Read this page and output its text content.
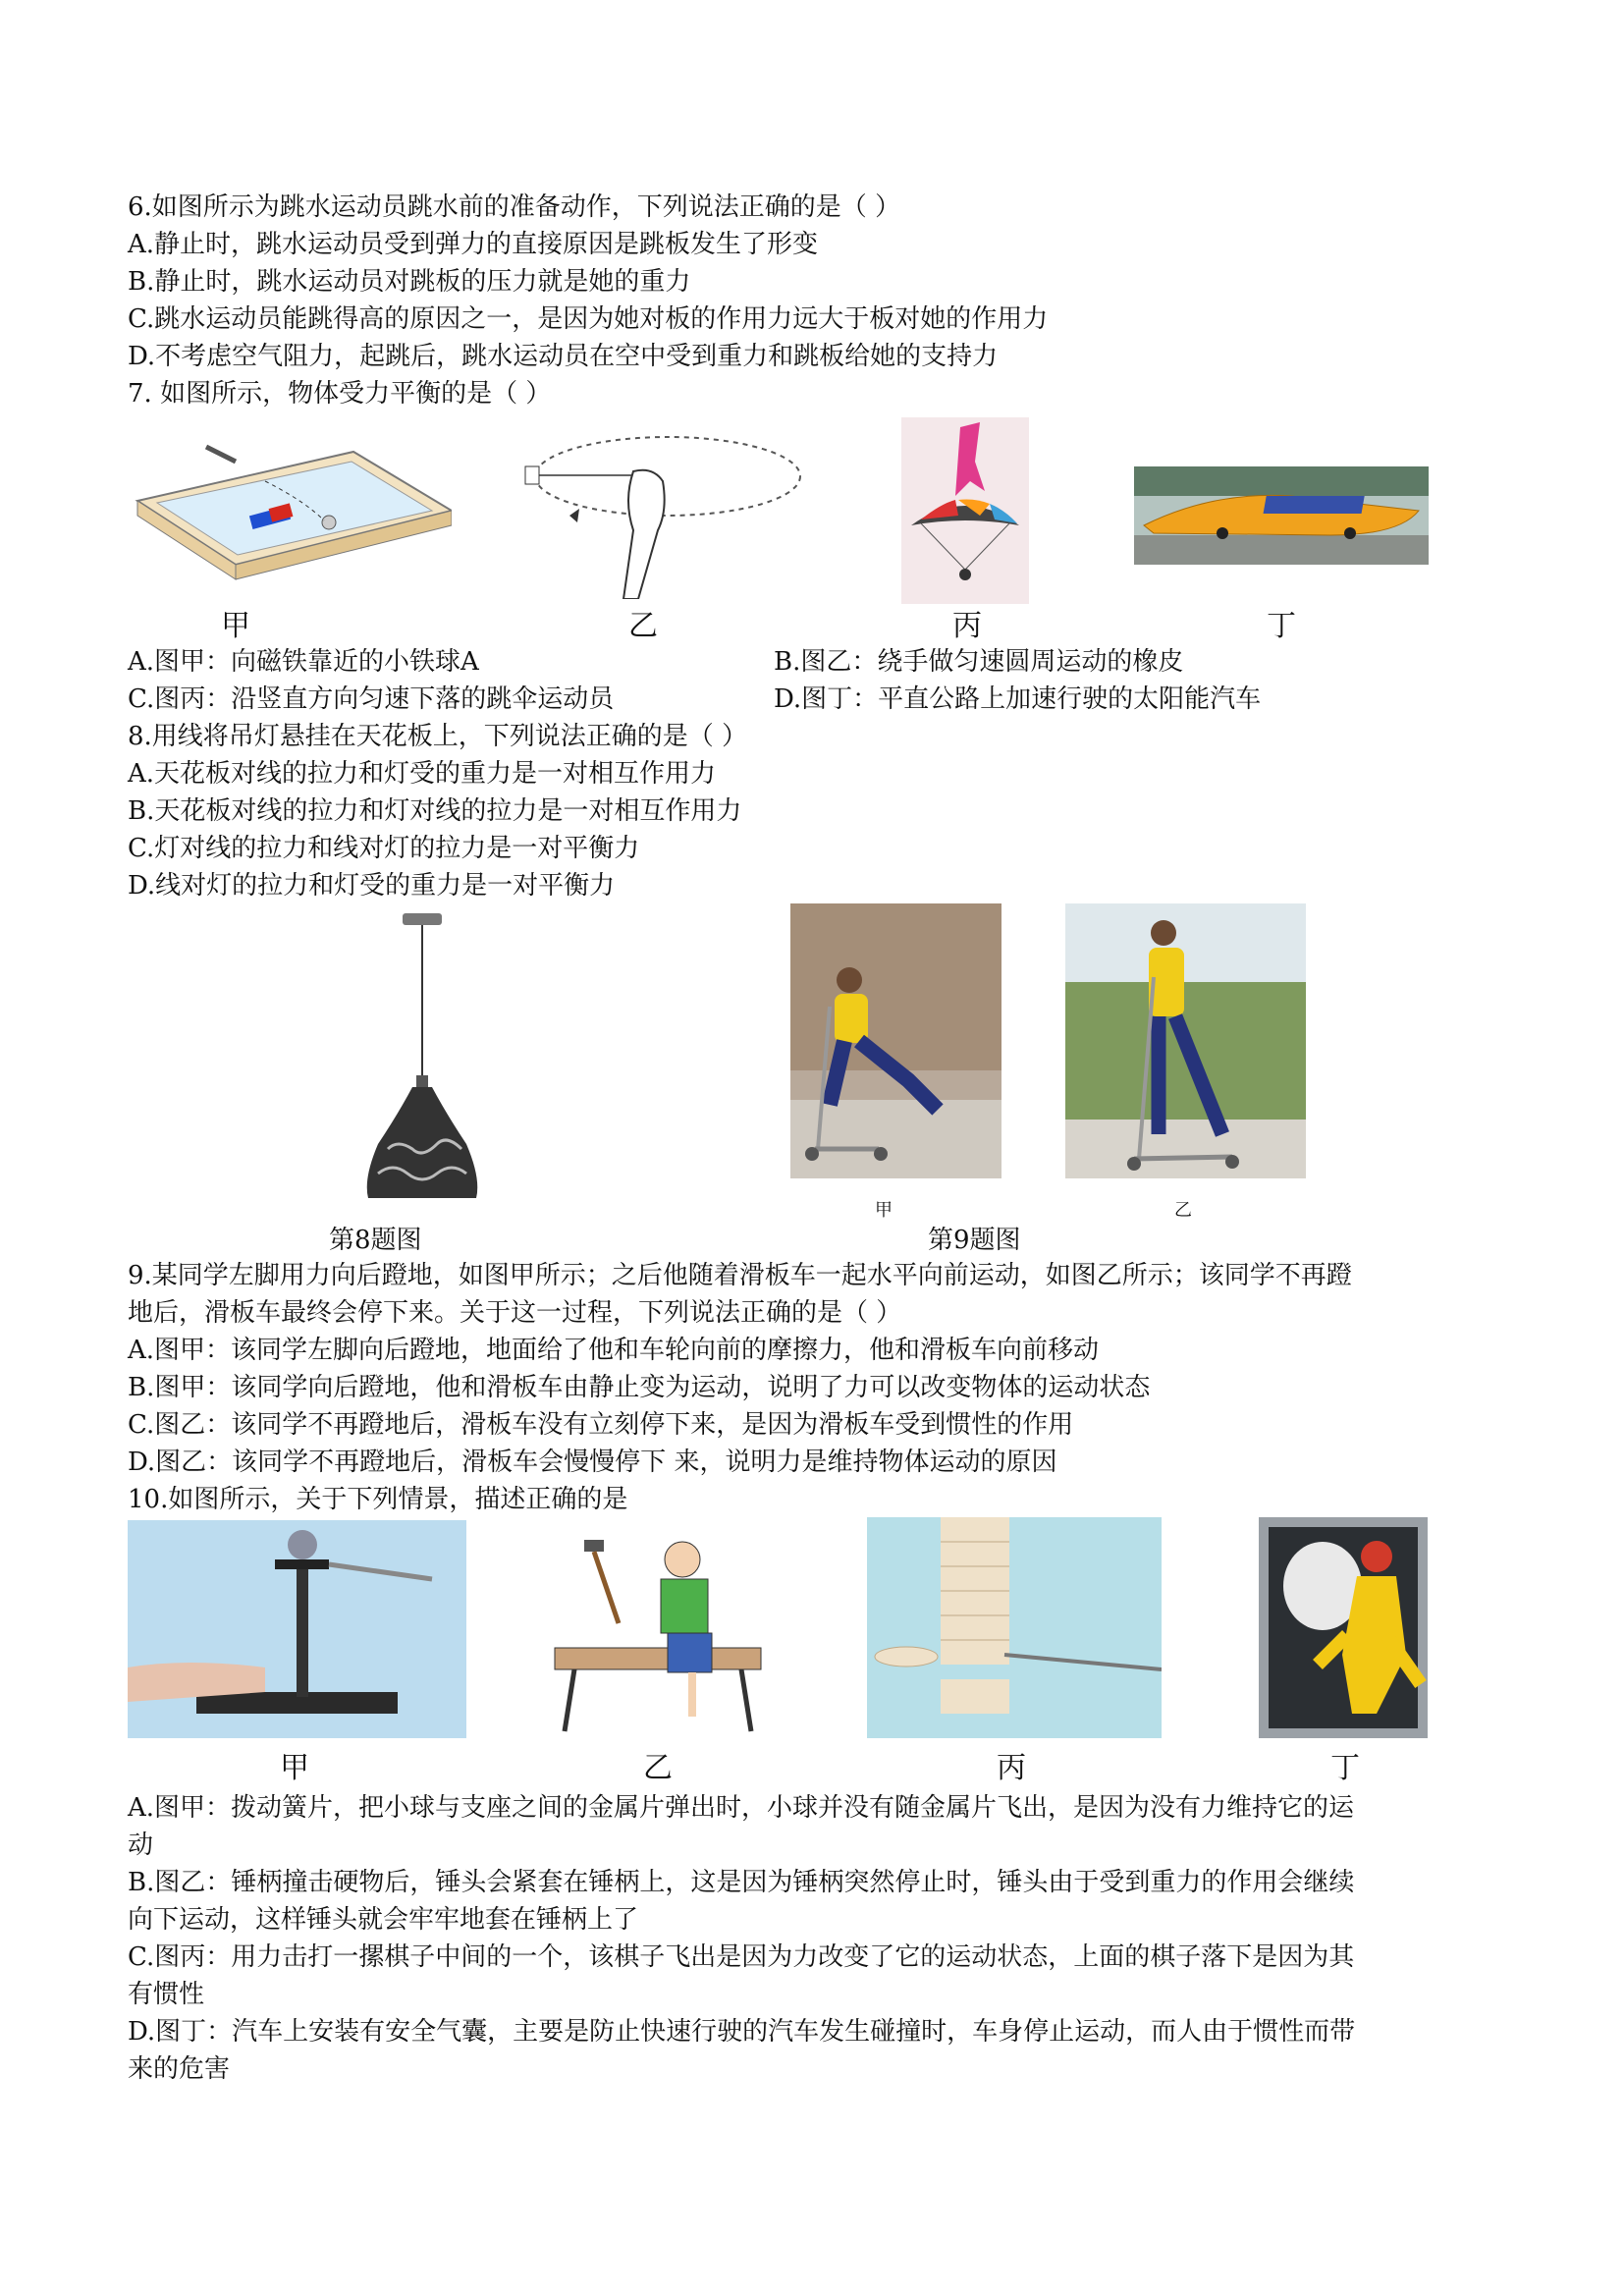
6.如图所示为跳水运动员跳水前的准备动作，下列说法正确的是（ ）
A.静止时，跳水运动员受到弹力的直接原因是跳板发生了形变
B.静止时，跳水运动员对跳板的压力就是她的重力
C.跳水运动员能跳得高的原因之一，是因为她对板的作用力远大于板对她的作用力
D.不考虑空气阻力，起跳后，跳水运动员在空中受到重力和跳板给她的支持力
7. 如图所示，物体受力平衡的是（ ）
甲	乙	丙	丁
A.图甲：向磁铁靠近的小铁球A	B.图乙：绕手做匀速圆周运动的橡皮
C.图丙：沿竖直方向匀速下落的跳伞运动员	D.图丁：平直公路上加速行驶的太阳能汽车
8.用线将吊灯悬挂在天花板上，下列说法正确的是（ ）
A.天花板对线的拉力和灯受的重力是一对相互作用力
B.天花板对线的拉力和灯对线的拉力是一对相互作用力
C.灯对线的拉力和线对灯的拉力是一对平衡力
D.线对灯的拉力和灯受的重力是一对平衡力
甲	乙
第8题图	第9题图
9.某同学左脚用力向后蹬地，如图甲所示；之后他随着滑板车一起水平向前运动，如图乙所示；该同学不再蹬
地后，滑板车最终会停下来。关于这一过程，下列说法正确的是（ ）
A.图甲：该同学左脚向后蹬地，地面给了他和车轮向前的摩擦力，他和滑板车向前移动
B.图甲：该同学向后蹬地，他和滑板车由静止变为运动，说明了力可以改变物体的运动状态
C.图乙：该同学不再蹬地后，滑板车没有立刻停下来，是因为滑板车受到惯性的作用
D.图乙：该同学不再蹬地后，滑板车会慢慢停下 来，说明力是维持物体运动的原因
10.如图所示，关于下列情景，描述正确的是
甲	乙	丙	丁
A.图甲：拨动簧片，把小球与支座之间的金属片弹出时，小球并没有随金属片飞出，是因为没有力维持它的运
动
B.图乙：锤柄撞击硬物后，锤头会紧套在锤柄上，这是因为锤柄突然停止时，锤头由于受到重力的作用会继续
向下运动，这样锤头就会牢牢地套在锤柄上了
C.图丙：用力击打一摞棋子中间的一个，该棋子飞出是因为力改变了它的运动状态，上面的棋子落下是因为其
有惯性
D.图丁：汽车上安装有安全气囊，主要是防止快速行驶的汽车发生碰撞时，车身停止运动，而人由于惯性而带
来的危害
